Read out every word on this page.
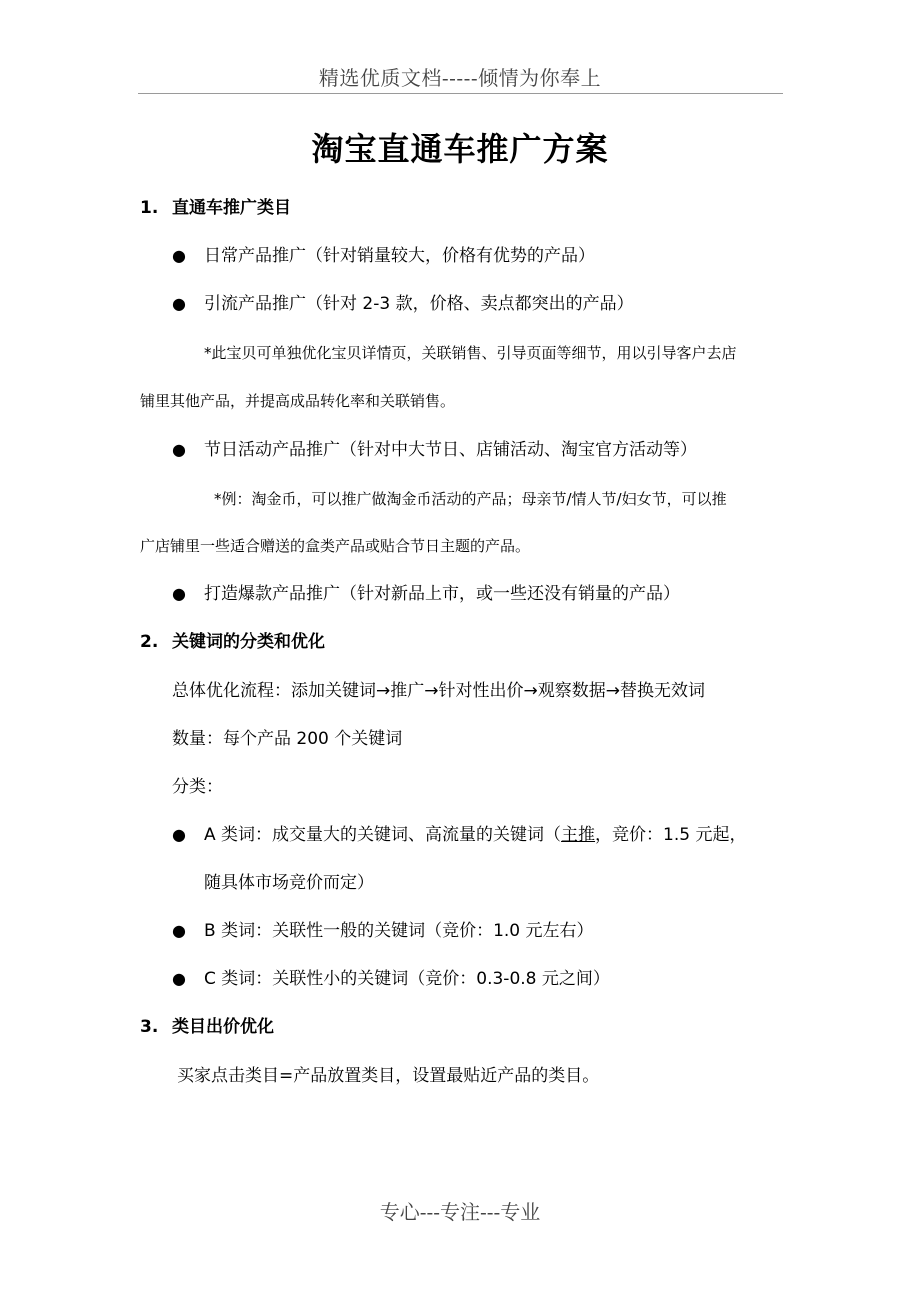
精选优质文档-----倾情为你奉上
淘宝直通车推广方案
1. 直通车推广类目
● 日常产品推广（针对销量较大，价格有优势的产品）
● 引流产品推广（针对 2-3 款，价格、卖点都突出的产品）
*此宝贝可单独优化宝贝详情页，关联销售、引导页面等细节，用以引导客户去店
铺里其他产品，并提高成品转化率和关联销售。
● 节日活动产品推广（针对中大节日、店铺活动、淘宝官方活动等）
*例：淘金币，可以推广做淘金币活动的产品；母亲节/情人节/妇女节，可以推
广店铺里一些适合赠送的盒类产品或贴合节日主题的产品。
● 打造爆款产品推广（针对新品上市，或一些还没有销量的产品）
2. 关键词的分类和优化
总体优化流程：添加关键词→推广→针对性出价→观察数据→替换无效词
数量：每个产品 200 个关键词
分类：
● A 类词：成交量大的关键词、高流量的关键词（主推，竞价：1.5 元起，
随具体市场竞价而定）
● B 类词：关联性一般的关键词（竞价：1.0 元左右）
● C 类词：关联性小的关键词（竞价：0.3-0.8 元之间）
3. 类目出价优化
买家点击类目=产品放置类目，设置最贴近产品的类目。
专心---专注---专业
